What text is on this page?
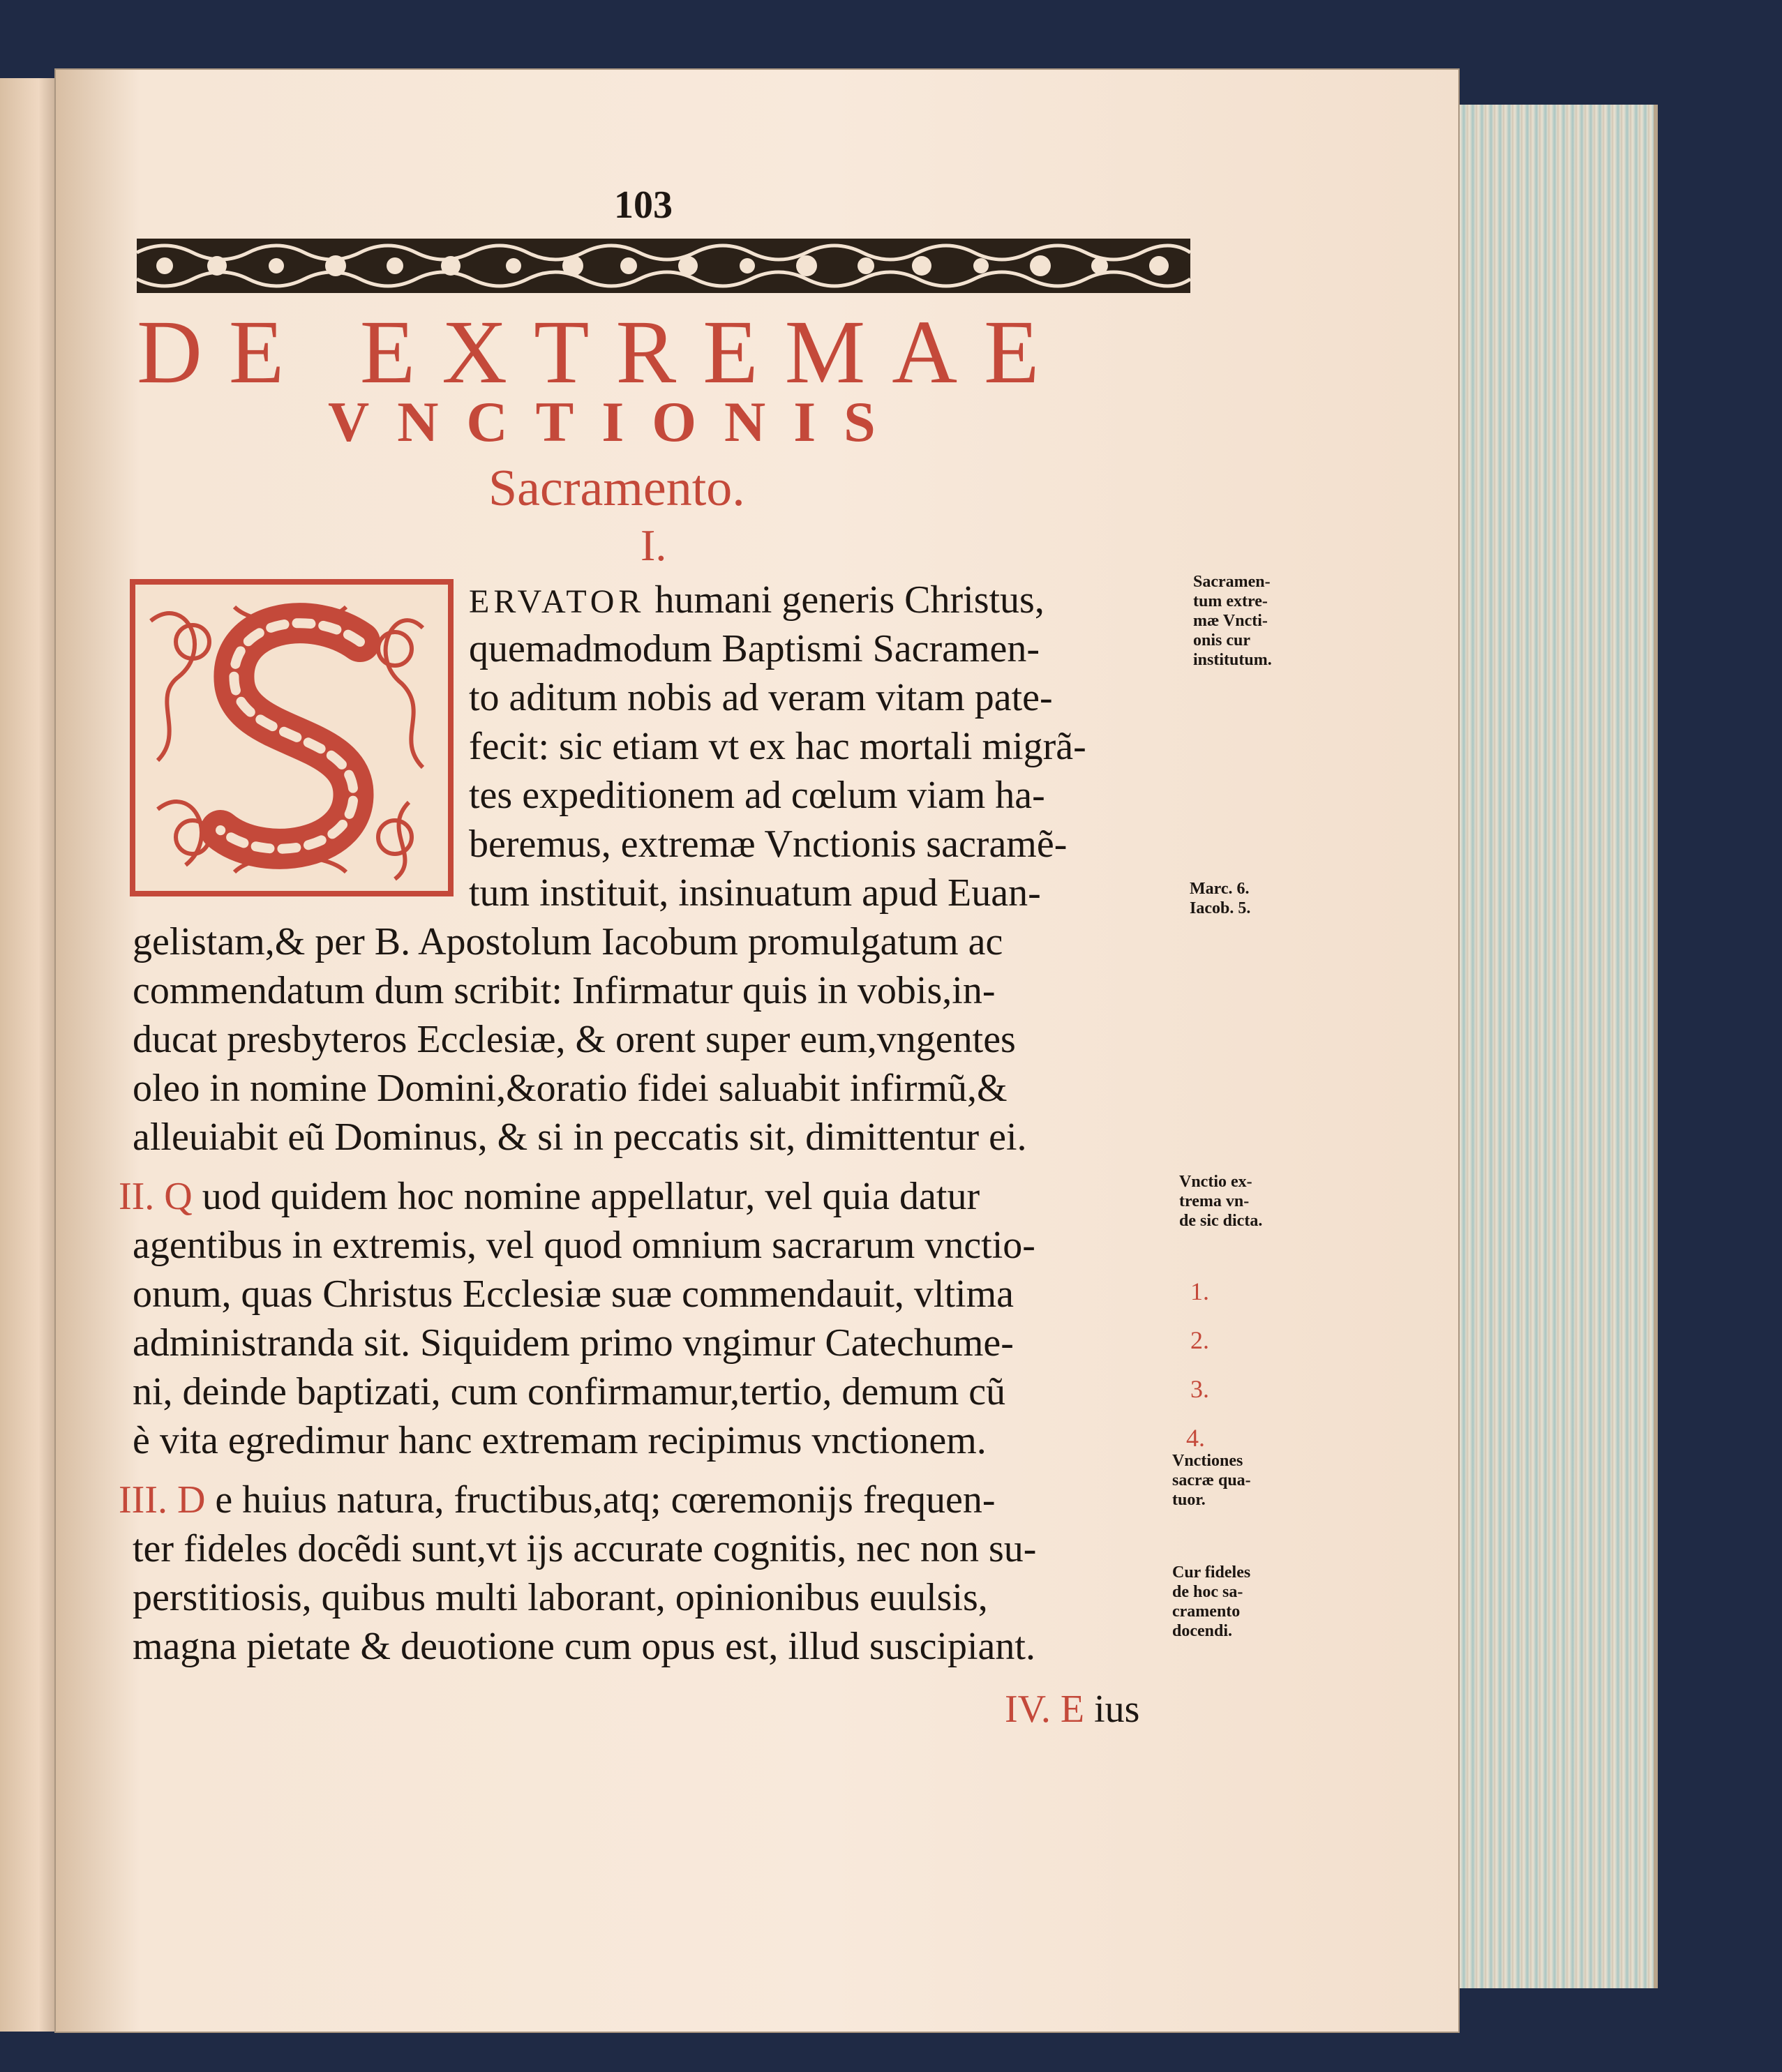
103
DE EXTREMAE
VNCTIONIS
Sacramento.
I.
ERVATOR humani generis Christus,
quemadmodum Baptismi Sacramen-
to aditum nobis ad veram vitam pate-
fecit: sic etiam vt ex hac mortali migrã-
tes expeditionem ad cœlum viam ha-
beremus, extremæ Vnctionis sacramẽ-
tum instituit, insinuatum apud Euan-
gelistam,& per B. Apostolum Iacobum promulgatum ac
commendatum dum scribit: Infirmatur quis in vobis,in-
ducat presbyteros Ecclesiæ, & orent super eum,vngentes
oleo in nomine Domini,&oratio fidei saluabit infirmũ,&
alleuiabit eũ Dominus, & si in peccatis sit, dimittentur ei.
II. Q uod quidem hoc nomine appellatur, vel quia datur
agentibus in extremis, vel quod omnium sacrarum vnctio-
onum, quas Christus Ecclesiæ suæ commendauit, vltima
administranda sit. Siquidem primo vngimur Catechume-
ni, deinde baptizati, cum confirmamur,tertio, demum cũ
è vita egredimur hanc extremam recipimus vnctionem.
III. D e huius natura, fructibus,atq; cœremonijs frequen-
ter fideles docẽdi sunt,vt ijs accurate cognitis, nec non su-
perstitiosis, quibus multi laborant, opinionibus euulsis,
magna pietate & deuotione cum opus est, illud suscipiant.
IV. E ius
Sacramen-
tum extre-
mæ Vncti-
onis cur
institutum.
Marc. 6.
Iacob. 5.
Vnctio ex-
trema vn-
de sic dicta.
1.
2.
3.
4.
Vnctiones
sacræ qua-
tuor.
Cur fideles
de hoc sa-
cramento
docendi.
